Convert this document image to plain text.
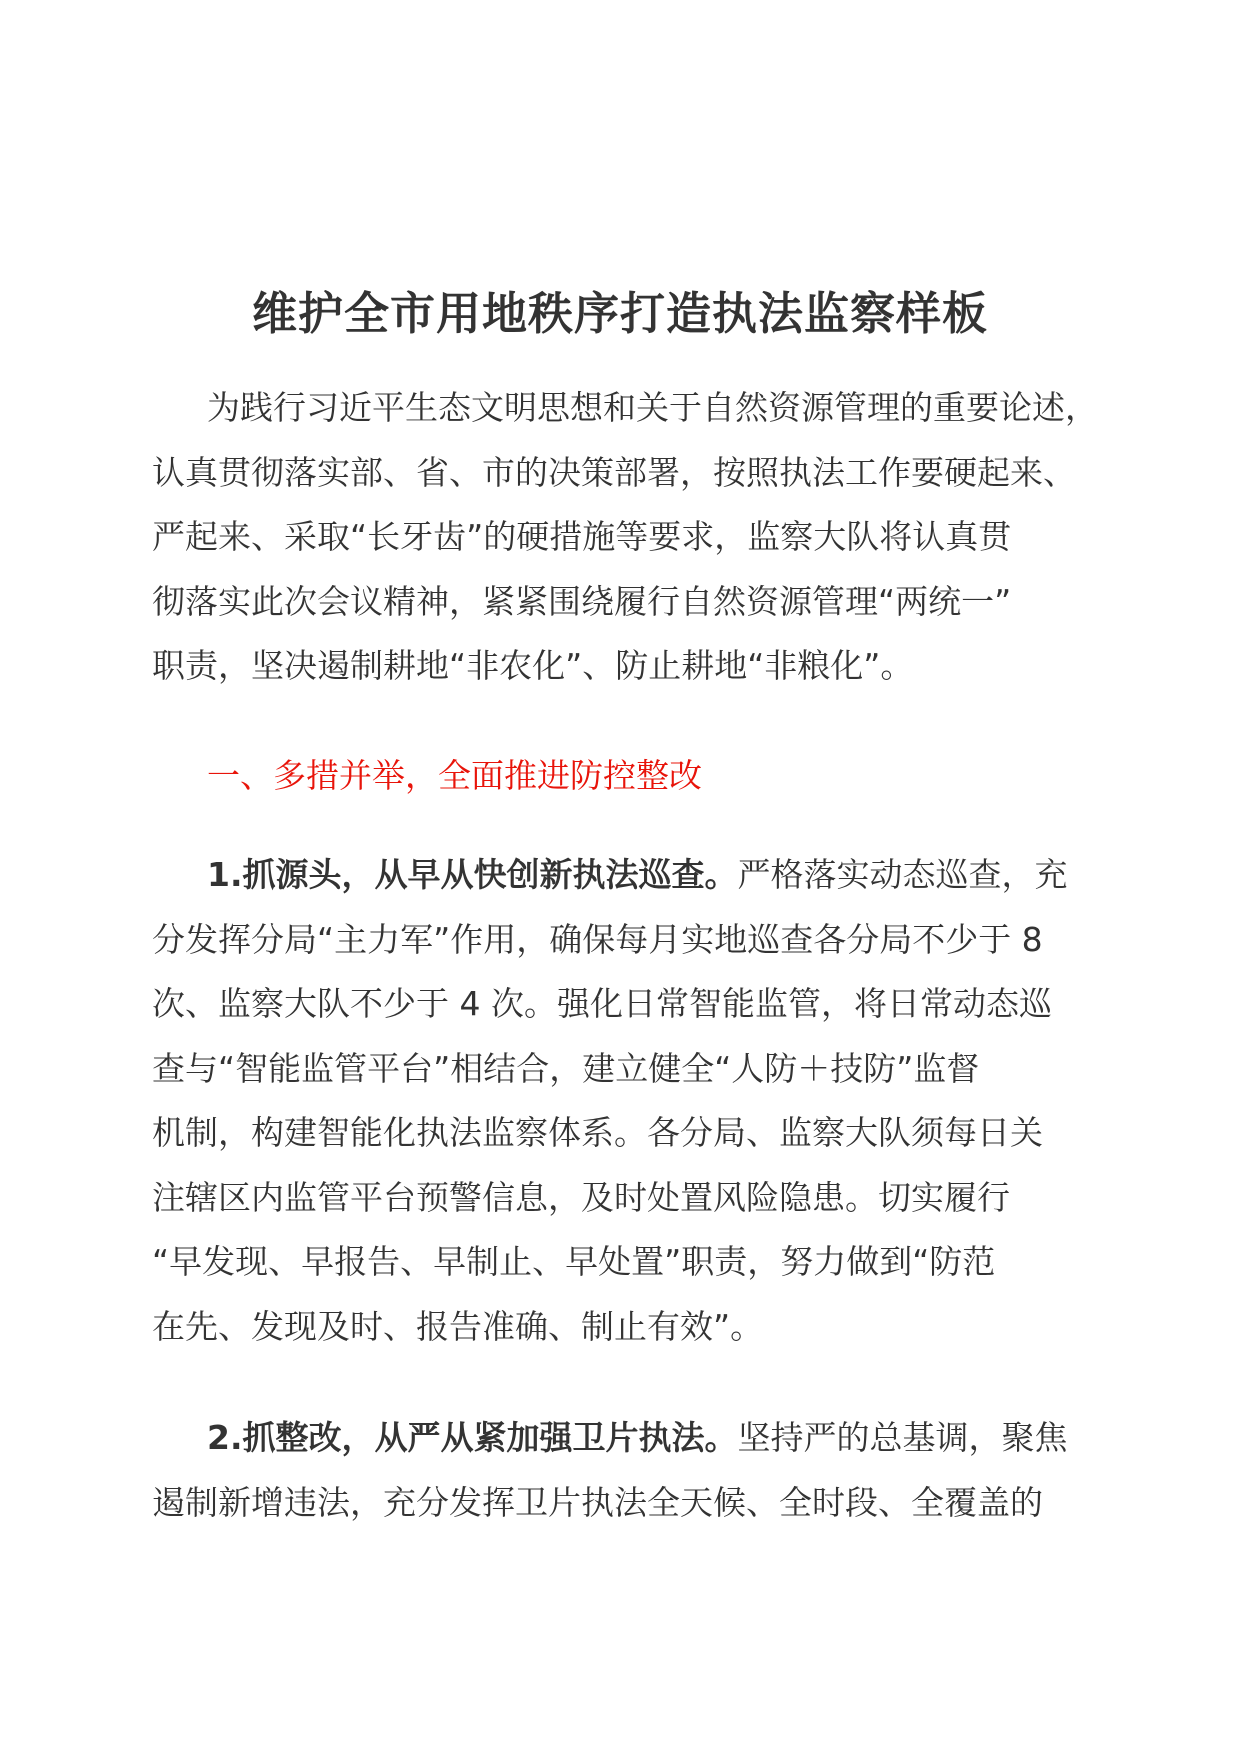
维护全市用地秩序打造执法监察样板
为践行习近平生态文明思想和关于自然资源管理的重要论述，
认真贯彻落实部、省、市的决策部署，按照执法工作要硬起来、
严起来、采取“长牙齿”的硬措施等要求，监察大队将认真贯
彻落实此次会议精神，紧紧围绕履行自然资源管理“两统一”
职责，坚决遏制耕地“非农化”、防止耕地“非粮化”。
一、多措并举，全面推进防控整改
1.抓源头，从早从快创新执法巡查。严格落实动态巡查，充
分发挥分局“主力军”作用，确保每月实地巡查各分局不少于 8
次、监察大队不少于 4 次。强化日常智能监管，将日常动态巡
查与“智能监管平台”相结合，建立健全“人防＋技防”监督
机制，构建智能化执法监察体系。各分局、监察大队须每日关
注辖区内监管平台预警信息，及时处置风险隐患。切实履行
“早发现、早报告、早制止、早处置”职责，努力做到“防范
在先、发现及时、报告准确、制止有效”。
2.抓整改，从严从紧加强卫片执法。坚持严的总基调，聚焦
遏制新增违法，充分发挥卫片执法全天候、全时段、全覆盖的
